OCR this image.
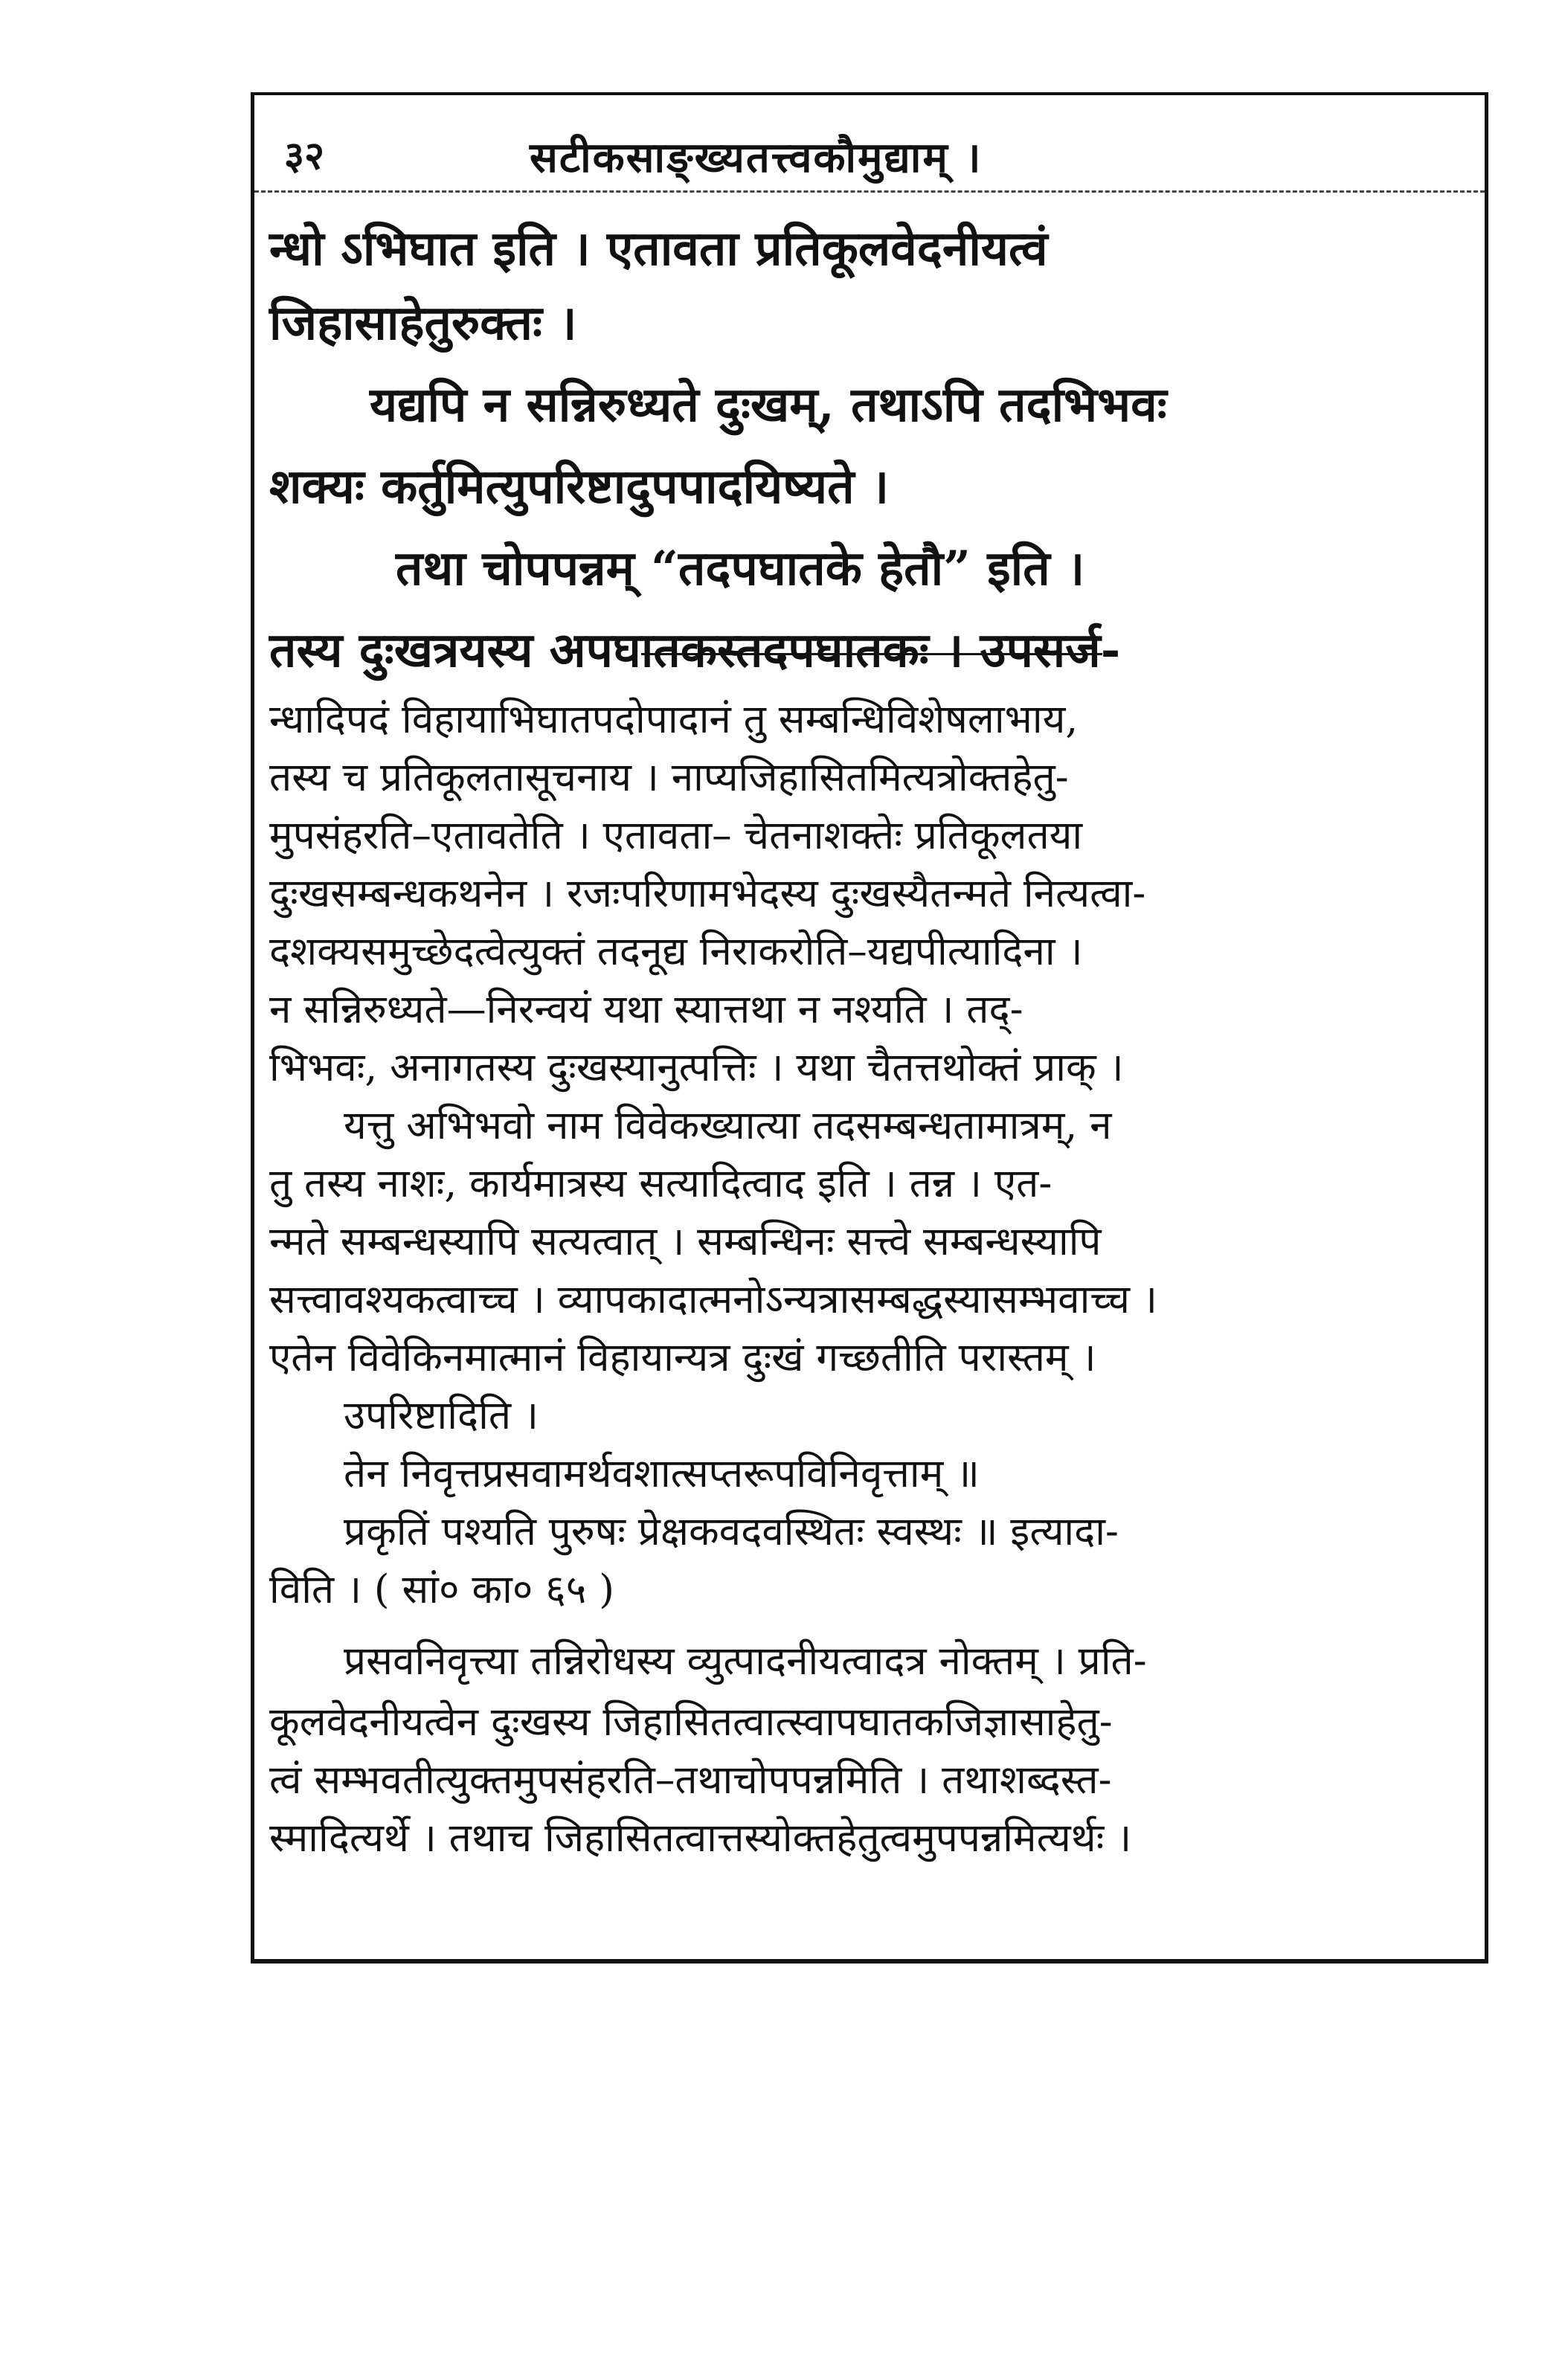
३२	सटीकसाङ्ख्यतत्त्वकौमुद्याम् ।
न्धो ऽभिघात इति । एतावता प्रतिकूलवेदनीयत्वं
जिहासाहेतुरुक्तः ।
यद्यपि न सन्निरुध्यते दुःखम्, तथाऽपि तदभिभवः
शक्यः कर्तुमित्युपरिष्टादुपपादयिष्यते ।
तथा चोपपन्नम् “तदपघातके हेतौ” इति ।
तस्य दुःखत्रयस्य अपघातकस्तदपघातकः । उपसर्ज-
न्धादिपदं विहायाभिघातपदोपादानं तु सम्बन्धिविशेषलाभाय,
तस्य च प्रतिकूलतासूचनाय । नाप्यजिहासितमित्यत्रोक्तहेतु-
मुपसंहरति–एतावतेति । एतावता– चेतनाशक्तेः प्रतिकूलतया
दुःखसम्बन्धकथनेन । रजःपरिणामभेदस्य दुःखस्यैतन्मते नित्यत्वा-
दशक्यसमुच्छेदत्वेत्युक्तं तदनूद्य निराकरोति–यद्यपीत्यादिना ।
न सन्निरुध्यते—निरन्वयं यथा स्यात्तथा न नश्यति । तद्-
भिभवः, अनागतस्य दुःखस्यानुत्पत्तिः । यथा चैतत्तथोक्तं प्राक् ।
यत्तु अभिभवो नाम विवेकख्यात्या तदसम्बन्धतामात्रम्, न
तु तस्य नाशः, कार्यमात्रस्य सत्यादित्वाद इति । तन्न । एत-
न्मते सम्बन्धस्यापि सत्यत्वात् । सम्बन्धिनः सत्त्वे सम्बन्धस्यापि
सत्त्वावश्यकत्वाच्च । व्यापकादात्मनोऽन्यत्रासम्बद्धस्यासम्भवाच्च ।
एतेन विवेकिनमात्मानं विहायान्यत्र दुःखं गच्छतीति परास्तम् ।
उपरिष्टादिति ।
तेन निवृत्तप्रसवामर्थवशात्सप्तरूपविनिवृत्ताम् ॥
प्रकृतिं पश्यति पुरुषः प्रेक्षकवदवस्थितः स्वस्थः ॥ इत्यादा-
विति । ( सां० का० ६५ )
प्रसवनिवृत्त्या तन्निरोधस्य व्युत्पादनीयत्वादत्र नोक्तम् । प्रति-
कूलवेदनीयत्वेन दुःखस्य जिहासितत्वात्स्वापघातकजिज्ञासाहेतु-
त्वं सम्भवतीत्युक्तमुपसंहरति–तथाचोपपन्नमिति । तथाशब्दस्त-
स्मादित्यर्थे । तथाच जिहासितत्वात्तस्योक्तहेतुत्वमुपपन्नमित्यर्थः ।
